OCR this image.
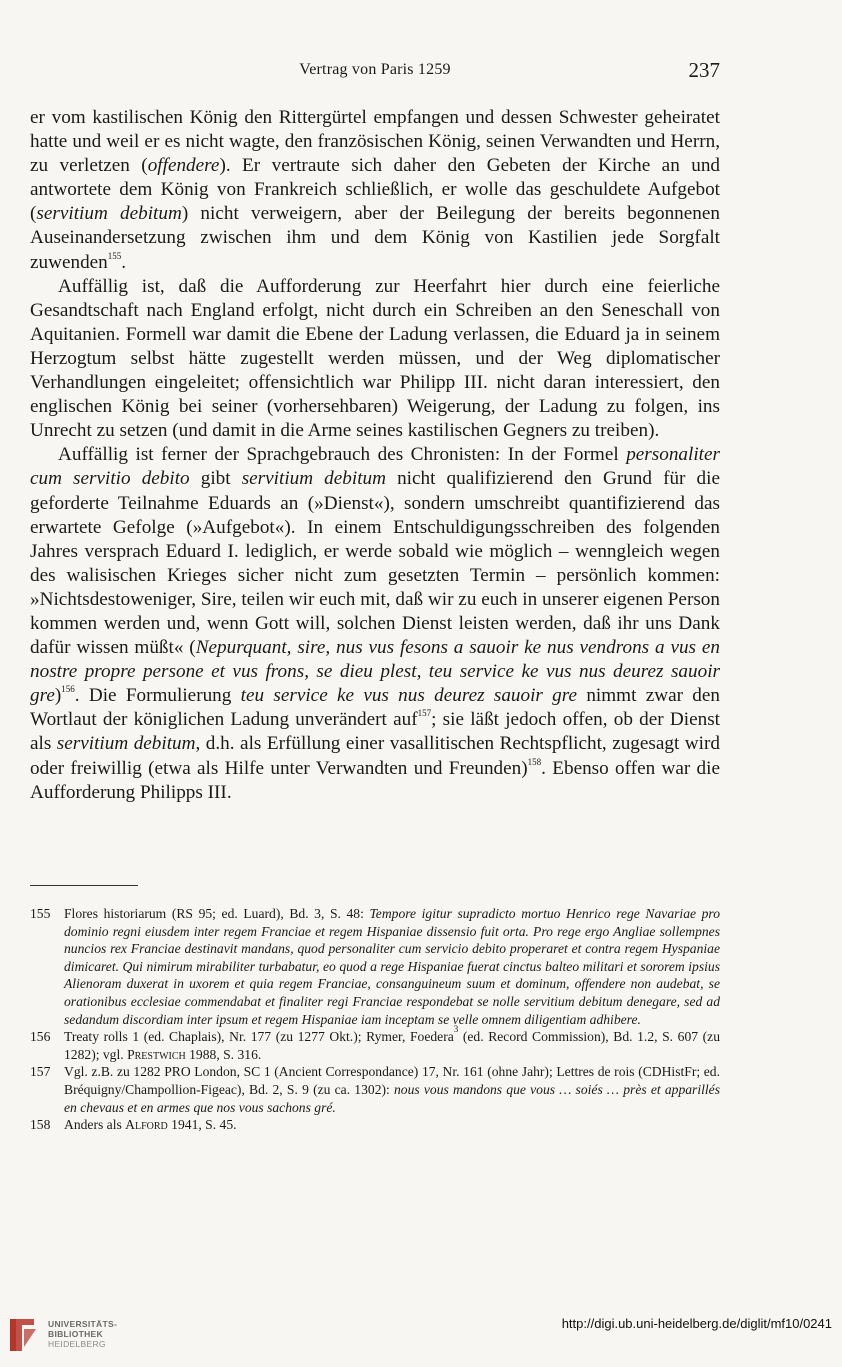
Vertrag von Paris 1259	237

er vom kastilischen König den Rittergürtel empfangen und dessen Schwester geheiratet hatte und weil er es nicht wagte, den französischen König, seinen Verwandten und Herrn, zu verletzen (offendere). Er vertraute sich daher den Gebeten der Kirche an und antwortete dem König von Frankreich schließlich, er wolle das geschuldete Aufgebot (servitium debitum) nicht verweigern, aber der Beilegung der bereits begonnenen Auseinandersetzung zwischen ihm und dem König von Kastilien jede Sorgfalt zuwenden$^{155}$.

Auffällig ist, daß die Aufforderung zur Heerfahrt hier durch eine feierliche Gesandtschaft nach England erfolgt, nicht durch ein Schreiben an den Seneschall von Aquitanien. Formell war damit die Ebene der Ladung verlassen, die Eduard ja in seinem Herzogtum selbst hätte zugestellt werden müssen, und der Weg diplomatischer Verhandlungen eingeleitet; offensichtlich war Philipp III. nicht daran interessiert, den englischen König bei seiner (vorhersehbaren) Weigerung, der Ladung zu folgen, ins Unrecht zu setzen (und damit in die Arme seines kastilischen Gegners zu treiben).

Auffällig ist ferner der Sprachgebrauch des Chronisten: In der Formel personaliter cum servitio debito gibt servitium debitum nicht qualifizierend den Grund für die geforderte Teilnahme Eduards an (»Dienst«), sondern umschreibt quantifizierend das erwartete Gefolge (»Aufgebot«). In einem Entschuldigungsschreiben des folgenden Jahres versprach Eduard I. lediglich, er werde sobald wie möglich – wenngleich wegen des walisischen Krieges sicher nicht zum gesetzten Termin – persönlich kommen: »Nichtsdestoweniger, Sire, teilen wir euch mit, daß wir zu euch in unserer eigenen Person kommen werden und, wenn Gott will, solchen Dienst leisten werden, daß ihr uns Dank dafür wissen müßt« (Nepurquant, sire, nus vus fesons a sauoir ke nus vendrons a vus en nostre propre persone et vus frons, se dieu plest, teu service ke vus nus deurez sauoir gre)$^{156}$. Die Formulierung teu service ke vus nus deurez sauoir gre nimmt zwar den Wortlaut der königlichen Ladung unverändert auf$^{157}$; sie läßt jedoch offen, ob der Dienst als servitium debitum, d.h. als Erfüllung einer vasallitischen Rechtspflicht, zugesagt wird oder freiwillig (etwa als Hilfe unter Verwandten und Freunden)$^{158}$. Ebenso offen war die Aufforderung Philipps III.

155	Flores historiarum (RS 95; ed. Luard), Bd. 3, S. 48: Tempore igitur supradicto mortuo Henrico rege Navariae pro dominio regni eiusdem inter regem Franciae et regem Hispaniae dissensio fuit orta. Pro rege ergo Angliae sollempnes nuncios rex Franciae destinavit mandans, quod personaliter cum servicio debito properaret et contra regem Hyspaniae dimicaret. Qui nimirum mirabiliter turbabatur, eo quod a rege Hispaniae fuerat cinctus balteo militari et sororem ipsius Alienoram duxerat in uxorem et quia regem Franciae, consanguineum suum et dominum, offendere non audebat, se orationibus ecclesiae commendabat et finaliter regi Franciae respondebat se nolle servitium debitum denegare, sed ad sedandum discordiam inter ipsum et regem Hispaniae iam inceptam se velle omnem diligentiam adhibere.
156	Treaty rolls 1 (ed. Chaplais), Nr. 177 (zu 1277 Okt.); Rymer, Foedera$^3$ (ed. Record Commission), Bd. 1.2, S. 607 (zu 1282); vgl. Prestwich 1988, S. 316.
157	Vgl. z.B. zu 1282 PRO London, SC 1 (Ancient Correspondance) 17, Nr. 161 (ohne Jahr); Lettres de rois (CDHistFr; ed. Bréquigny/Champollion-Figeac), Bd. 2, S. 9 (zu ca. 1302): nous vous mandons que vous … soiés … près et apparillés en chevaus et en armes que nos vous sachons gré.
158	Anders als Alford 1941, S. 45.
UNIVERSITÄTS-
BIBLIOTHEK
HEIDELBERG
http://digi.ub.uni-heidelberg.de/diglit/mf10/0241
